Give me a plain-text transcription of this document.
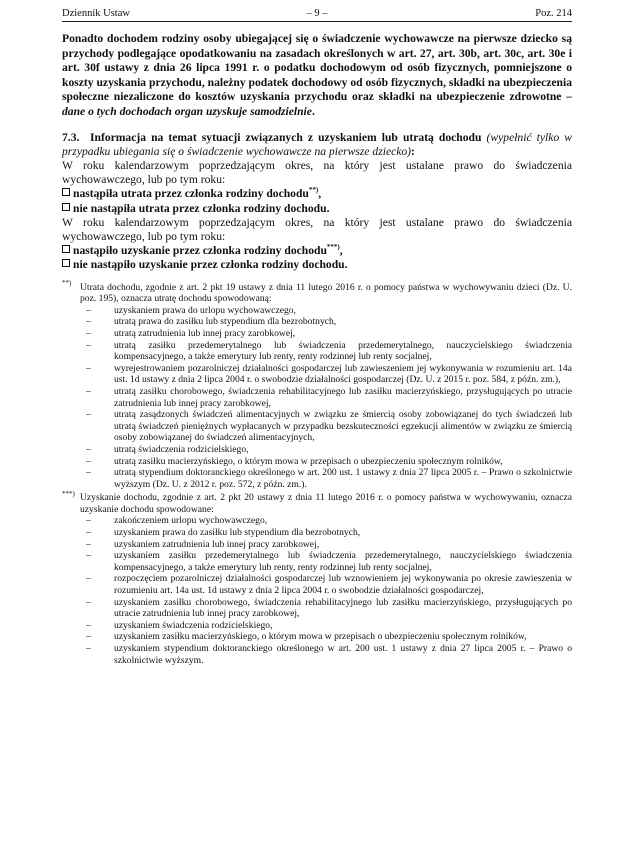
Dziennik Ustaw	– 9 –	Poz. 214
Ponadto dochodem rodziny osoby ubiegającej się o świadczenie wychowawcze na pierwsze dziecko są przychody podlegające opodatkowaniu na zasadach określonych w art. 27, art. 30b, art. 30c, art. 30e i art. 30f ustawy z dnia 26 lipca 1991 r. o podatku dochodowym od osób fizycznych, pomniejszone o koszty uzyskania przychodu, należny podatek dochodowy od osób fizycznych, składki na ubezpieczenia społeczne niezaliczone do kosztów uzyskania przychodu oraz składki na ubezpieczenie zdrowotne – dane o tych dochodach organ uzyskuje samodzielnie.
7.3. Informacja na temat sytuacji związanych z uzyskaniem lub utratą dochodu (wypełnić tylko w przypadku ubiegania się o świadczenie wychowawcze na pierwsze dziecko):

W roku kalendarzowym poprzedzającym okres, na który jest ustalane prawo do świadczenia wychowawczego, lub po tym roku:

nastąpiła utrata przez członka rodziny dochodu**),
nie nastąpiła utrata przez członka rodziny dochodu.

W roku kalendarzowym poprzedzającym okres, na który jest ustalane prawo do świadczenia wychowawczego, lub po tym roku:

nastąpiło uzyskanie przez członka rodziny dochodu***),
nie nastąpiło uzyskanie przez członka rodziny dochodu.
**) Utrata dochodu, zgodnie z art. 2 pkt 19 ustawy z dnia 11 lutego 2016 r. o pomocy państwa w wychowywaniu dzieci (Dz. U. poz. 195), oznacza utratę dochodu spowodowaną:
– uzyskaniem prawa do urlopu wychowawczego,
– utratą prawa do zasiłku lub stypendium dla bezrobotnych,
– utratą zatrudnienia lub innej pracy zarobkowej,
– utratą zasiłku przedemerytalnego lub świadczenia przedemerytalnego, nauczycielskiego świadczenia kompensacyjnego, a także emerytury lub renty, renty rodzinnej lub renty socjalnej,
– wyrejestrowaniem pozarolniczej działalności gospodarczej lub zawieszeniem jej wykonywania w rozumieniu art. 14a ust. 1d ustawy z dnia 2 lipca 2004 r. o swobodzie działalności gospodarczej (Dz. U. z 2015 r. poz. 584, z późn. zm.),
– utratą zasiłku chorobowego, świadczenia rehabilitacyjnego lub zasiłku macierzyńskiego, przysługujących po utracie zatrudnienia lub innej pracy zarobkowej,
– utratą zasądzonych świadczeń alimentacyjnych w związku ze śmiercią osoby zobowiązanej do tych świadczeń lub utratą świadczeń pieniężnych wypłacanych w przypadku bezskuteczności egzekucji alimentów w związku ze śmiercią osoby zobowiązanej do świadczeń alimentacyjnych,
– utratą świadczenia rodzicielskiego,
– utratą zasiłku macierzyńskiego, o którym mowa w przepisach o ubezpieczeniu społecznym rolników,
– utratą stypendium doktoranckiego określonego w art. 200 ust. 1 ustawy z dnia 27 lipca 2005 r. – Prawo o szkolnictwie wyższym (Dz. U. z 2012 r. poz. 572, z późn. zm.).
***) Uzyskanie dochodu, zgodnie z art. 2 pkt 20 ustawy z dnia 11 lutego 2016 r. o pomocy państwa w wychowywaniu, oznacza uzyskanie dochodu spowodowane:
– zakończeniem urlopu wychowawczego,
– uzyskaniem prawa do zasiłku lub stypendium dla bezrobotnych,
– uzyskaniem zatrudnienia lub innej pracy zarobkowej,
– uzyskaniem zasiłku przedemerytalnego lub świadczenia przedemerytalnego, nauczycielskiego świadczenia kompensacyjnego, a także emerytury lub renty, renty rodzinnej lub renty socjalnej,
– rozpoczęciem pozarolniczej działalności gospodarczej lub wznowieniem jej wykonywania po okresie zawieszenia w rozumieniu art. 14a ust. 1d ustawy z dnia 2 lipca 2004 r. o swobodzie działalności gospodarczej,
– uzyskaniem zasiłku chorobowego, świadczenia rehabilitacyjnego lub zasiłku macierzyńskiego, przysługujących po utracie zatrudnienia lub innej pracy zarobkowej,
– uzyskaniem świadczenia rodzicielskiego,
– uzyskaniem zasiłku macierzyńskiego, o którym mowa w przepisach o ubezpieczeniu społecznym rolników,
– uzyskaniem stypendium doktoranckiego określonego w art. 200 ust. 1 ustawy z dnia 27 lipca 2005 r. – Prawo o szkolnictwie wyższym.
